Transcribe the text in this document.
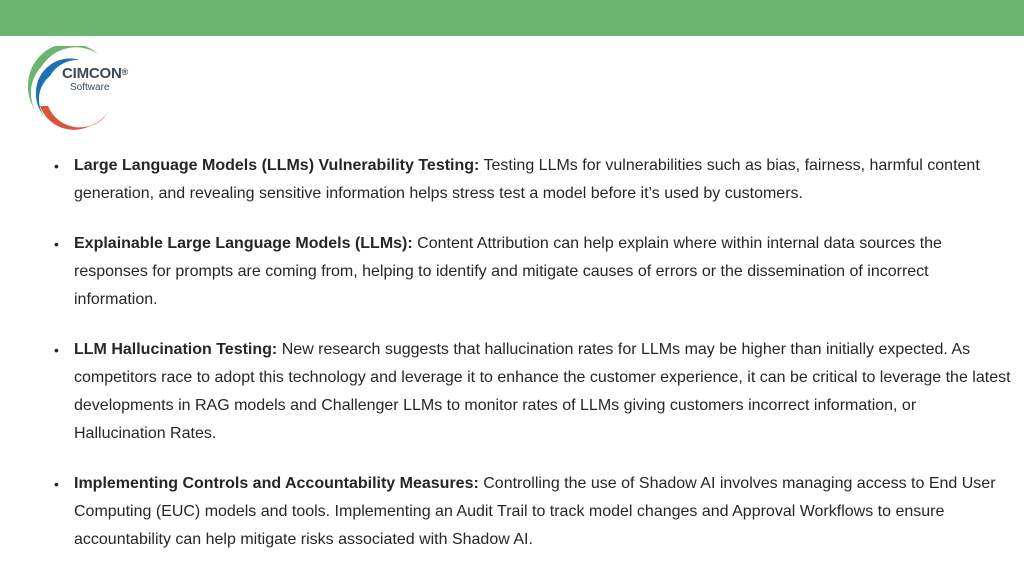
CIMCON®
Software
• Large Language Models (LLMs) Vulnerability Testing: Testing LLMs for vulnerabilities such as bias, fairness, harmful content generation, and revealing sensitive information helps stress test a model before it’s used by customers.
• Explainable Large Language Models (LLMs): Content Attribution can help explain where within internal data sources the responses for prompts are coming from, helping to identify and mitigate causes of errors or the dissemination of incorrect information.
• LLM Hallucination Testing: New research suggests that hallucination rates for LLMs may be higher than initially expected. As competitors race to adopt this technology and leverage it to enhance the customer experience, it can be critical to leverage the latest developments in RAG models and Challenger LLMs to monitor rates of LLMs giving customers incorrect information, or Hallucination Rates.
• Implementing Controls and Accountability Measures: Controlling the use of Shadow AI involves managing access to End User Computing (EUC) models and tools. Implementing an Audit Trail to track model changes and Approval Workflows to ensure accountability can help mitigate risks associated with Shadow AI.
